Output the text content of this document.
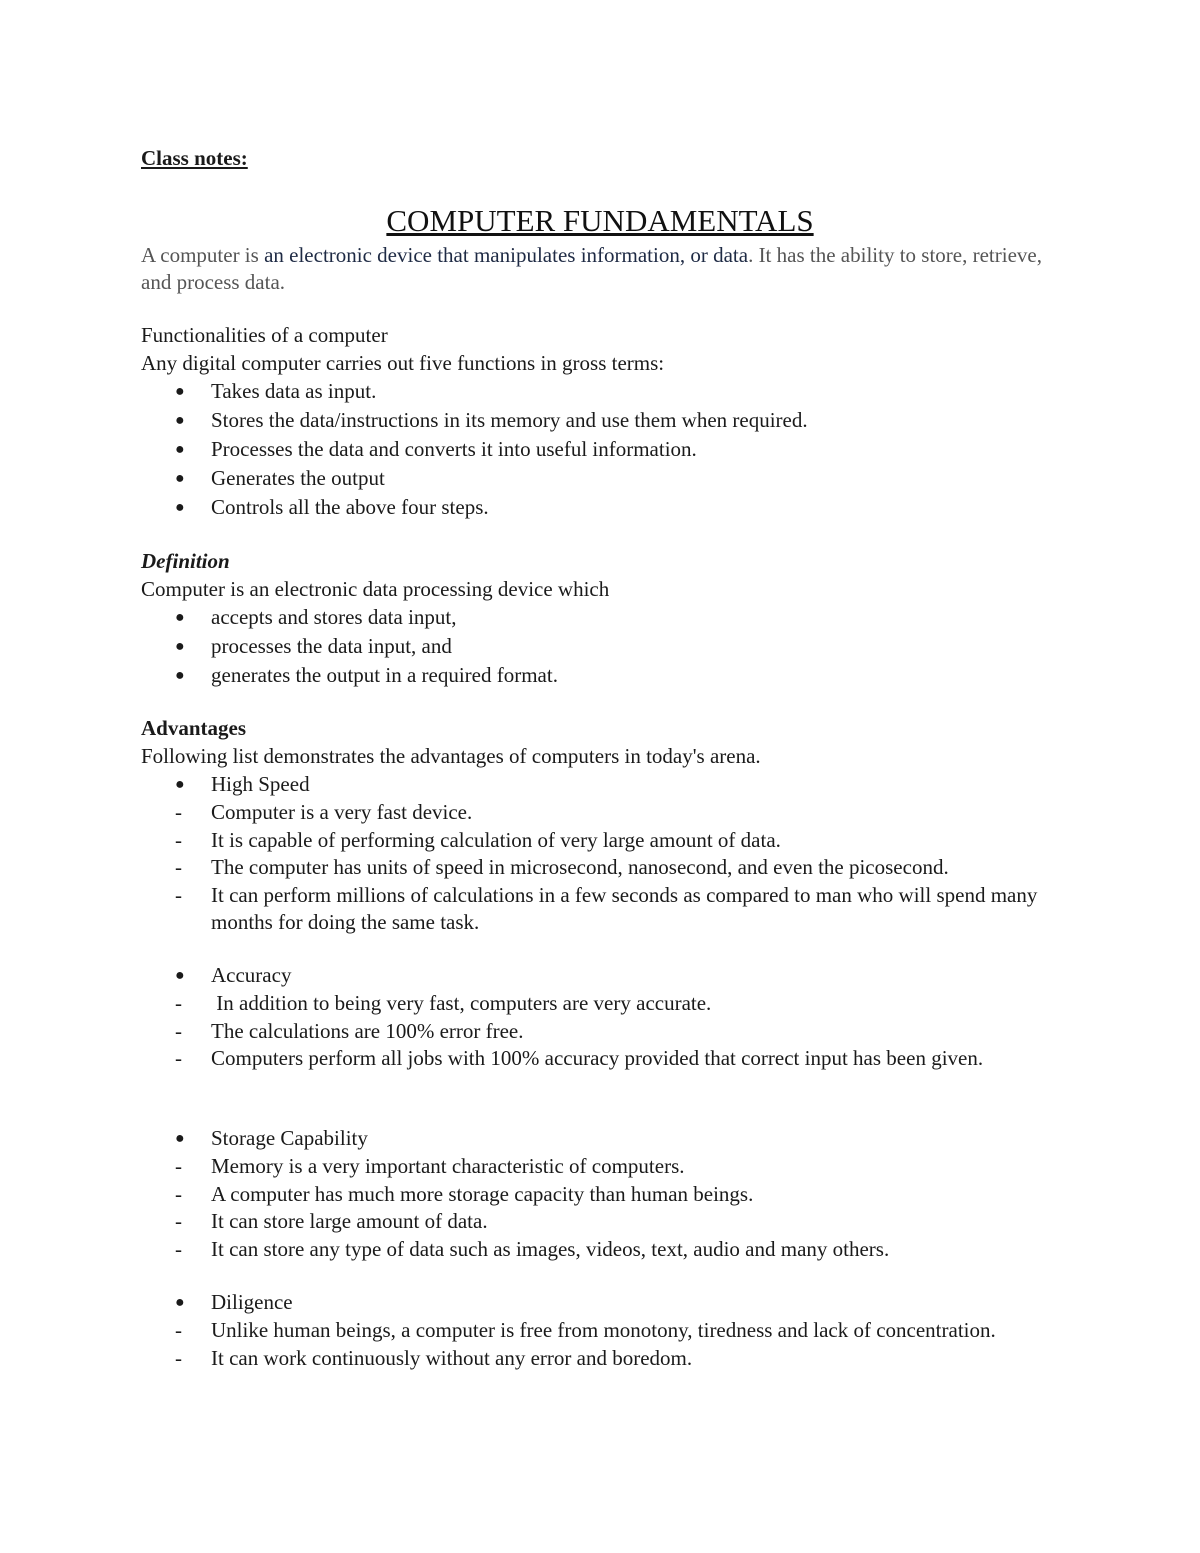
Class notes:
COMPUTER FUNDAMENTALS
A computer is an electronic device that manipulates information, or data. It has the ability to store, retrieve, and process data.
Functionalities of a computer
Any digital computer carries out five functions in gross terms:
● Takes data as input.
● Stores the data/instructions in its memory and use them when required.
● Processes the data and converts it into useful information.
● Generates the output
● Controls all the above four steps.
Definition
Computer is an electronic data processing device which
● accepts and stores data input,
● processes the data input, and
● generates the output in a required format.
Advantages
Following list demonstrates the advantages of computers in today's arena.
● High Speed
- Computer is a very fast device.
- It is capable of performing calculation of very large amount of data.
- The computer has units of speed in microsecond, nanosecond, and even the picosecond.
- It can perform millions of calculations in a few seconds as compared to man who will spend many months for doing the same task.
● Accuracy
- In addition to being very fast, computers are very accurate.
- The calculations are 100% error free.
- Computers perform all jobs with 100% accuracy provided that correct input has been given.
● Storage Capability
- Memory is a very important characteristic of computers.
- A computer has much more storage capacity than human beings.
- It can store large amount of data.
- It can store any type of data such as images, videos, text, audio and many others.
● Diligence
- Unlike human beings, a computer is free from monotony, tiredness and lack of concentration.
- It can work continuously without any error and boredom.
